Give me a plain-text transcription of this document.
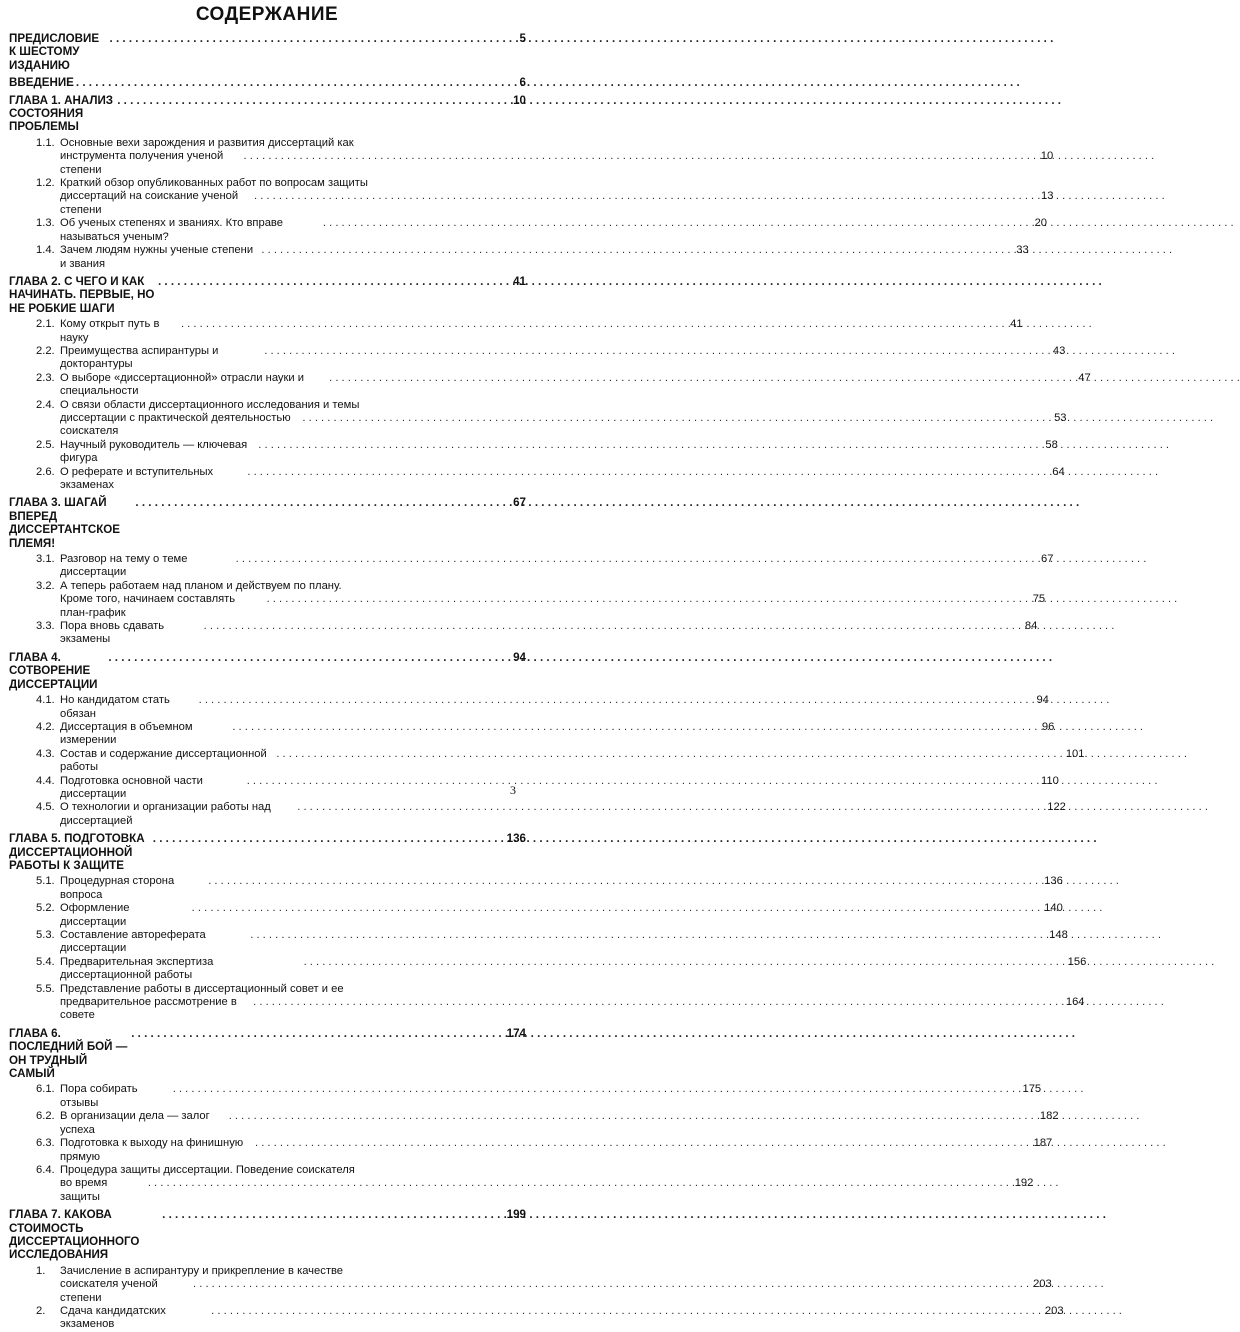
СОДЕРЖАНИЕ
ПРЕДИСЛОВИЕ К ШЕСТОМУ ИЗДАНИЮ
. . .
5
ВВЕДЕНИЕ
. . .	6
ГЛАВА 1. АНАЛИЗ СОСТОЯНИЯ ПРОБЛЕМЫ
. . .
10
1.1. Основные вехи зарождения и развития диссертаций как
инструмента получения ученой степени
. . .
10
1.2. Краткий обзор опубликованных работ по вопросам защиты
диссертаций на соискание ученой степени
. . .
13
1.3. Об ученых степенях и званиях. Кто вправе называться ученым?
. . .
20
1.4. Зачем людям нужны ученые степени и звания
. . .
33
ГЛАВА 2. С ЧЕГО И КАК НАЧИНАТЬ. ПЕРВЫЕ, НО НЕ РОБКИЕ ШАГИ
. . .
41
2.1. Кому открыт путь в науку
. . .
41
2.2. Преимущества аспирантуры и докторантуры
. . .
43
2.3. О выборе «диссертационной» отрасли науки и специальности
. . .
47
2.4. О связи области диссертационного исследования и темы
диссертации с практической деятельностью соискателя
. . .
53
2.5. Научный руководитель — ключевая фигура
. . .
58
2.6. О реферате и вступительных экзаменах
. . .
64
ГЛАВА 3. ШАГАЙ ВПЕРЕД ДИССЕРТАНТСКОЕ ПЛЕМЯ!
. . .
67
3.1. Разговор на тему о теме диссертации
. . .
67
3.2. А теперь работаем над планом и действуем по плану.
Кроме того, начинаем составлять план-график
. . .
75
3.3. Пора вновь сдавать экзамены
. . .
84
ГЛАВА 4. СОТВОРЕНИЕ ДИССЕРТАЦИИ
. . .
94
4.1. Но кандидатом стать обязан
. . .
94
4.2. Диссертация в объемном измерении
. . .
96
4.3. Состав и содержание диссертационной работы
. . .
101
4.4. Подготовка основной части диссертации
. . .
110
4.5. О технологии и организации работы над диссертацией
. . .
122
ГЛАВА 5. ПОДГОТОВКА ДИССЕРТАЦИОННОЙ РАБОТЫ К ЗАЩИТЕ
. . .
136
5.1. Процедурная сторона вопроса
. . .
136
5.2. Оформление диссертации
. . .
140
5.3. Составление автореферата диссертации
. . .
148
5.4. Предварительная экспертиза диссертационной работы
. . .
156
5.5. Представление работы в диссертационный совет и ее
предварительное рассмотрение в совете
. . .
164
ГЛАВА 6. ПОСЛЕДНИЙ БОЙ — ОН ТРУДНЫЙ САМЫЙ
. . .
174
6.1. Пора собирать отзывы
. . .
175
6.2. В организации дела — залог успеха
. . .
182
6.3. Подготовка к выходу на финишную прямую
. . .
187
6.4. Процедура защиты диссертации. Поведение соискателя
во время защиты
. . .
192
ГЛАВА 7. КАКОВА СТОИМОСТЬ ДИССЕРТАЦИОННОГО ИССЛЕДОВАНИЯ
. . .
199
1.	Зачисление в аспирантуру и прикрепление в качестве
соискателя ученой степени
. . .
203
2.	Сдача кандидатских экзаменов
. . .
203
3
